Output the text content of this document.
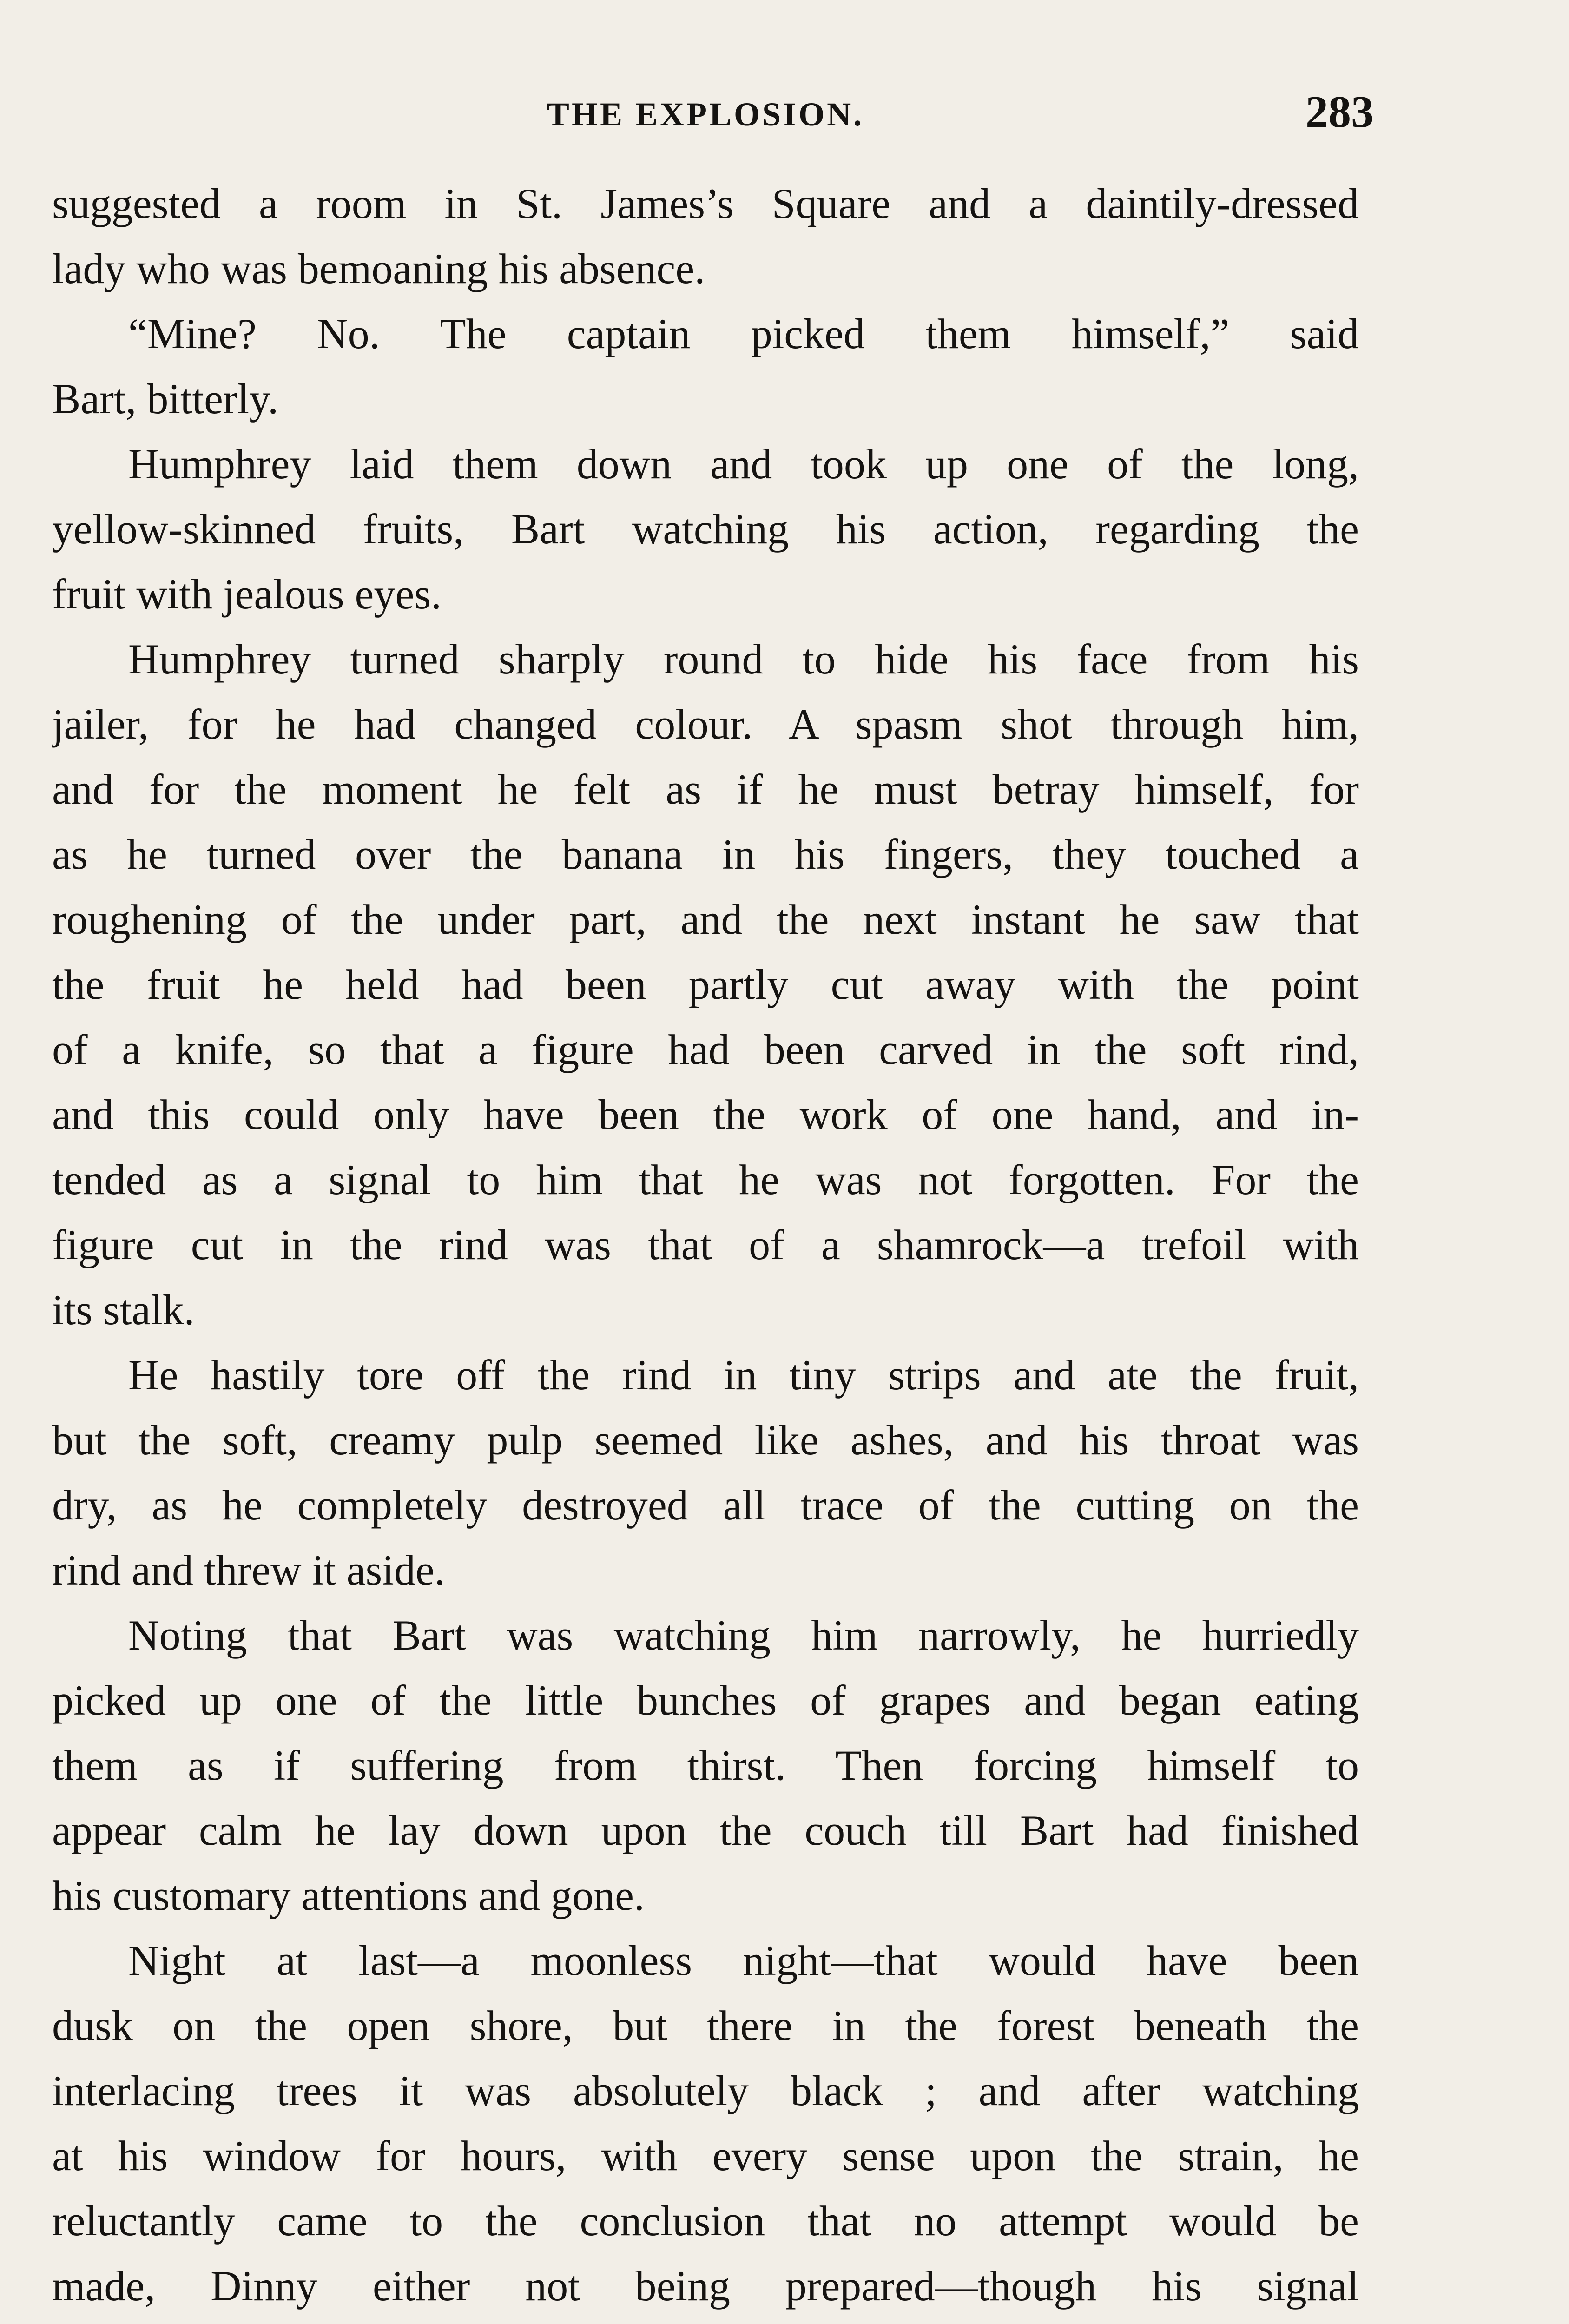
THE EXPLOSION.	283
suggested a room in St. James’s Square and a daintily-dressed
lady who was bemoaning his absence.
“Mine? No. The captain picked them himself,” said
Bart, bitterly.
Humphrey laid them down and took up one of the long,
yellow-skinned fruits, Bart watching his action, regarding the
fruit with jealous eyes.
Humphrey turned sharply round to hide his face from his
jailer, for he had changed colour. A spasm shot through him,
and for the moment he felt as if he must betray himself, for
as he turned over the banana in his fingers, they touched a
roughening of the under part, and the next instant he saw that
the fruit he held had been partly cut away with the point
of a knife, so that a figure had been carved in the soft rind,
and this could only have been the work of one hand, and in-
tended as a signal to him that he was not forgotten. For the
figure cut in the rind was that of a shamrock—a trefoil with
its stalk.
He hastily tore off the rind in tiny strips and ate the fruit,
but the soft, creamy pulp seemed like ashes, and his throat was
dry, as he completely destroyed all trace of the cutting on the
rind and threw it aside.
Noting that Bart was watching him narrowly, he hurriedly
picked up one of the little bunches of grapes and began eating
them as if suffering from thirst. Then forcing himself to
appear calm he lay down upon the couch till Bart had finished
his customary attentions and gone.
Night at last—a moonless night—that would have been
dusk on the open shore, but there in the forest beneath the
interlacing trees it was absolutely black ; and after watching
at his window for hours, with every sense upon the strain, he
reluctantly came to the conclusion that no attempt would be
made, Dinny either not being prepared—though his signal
